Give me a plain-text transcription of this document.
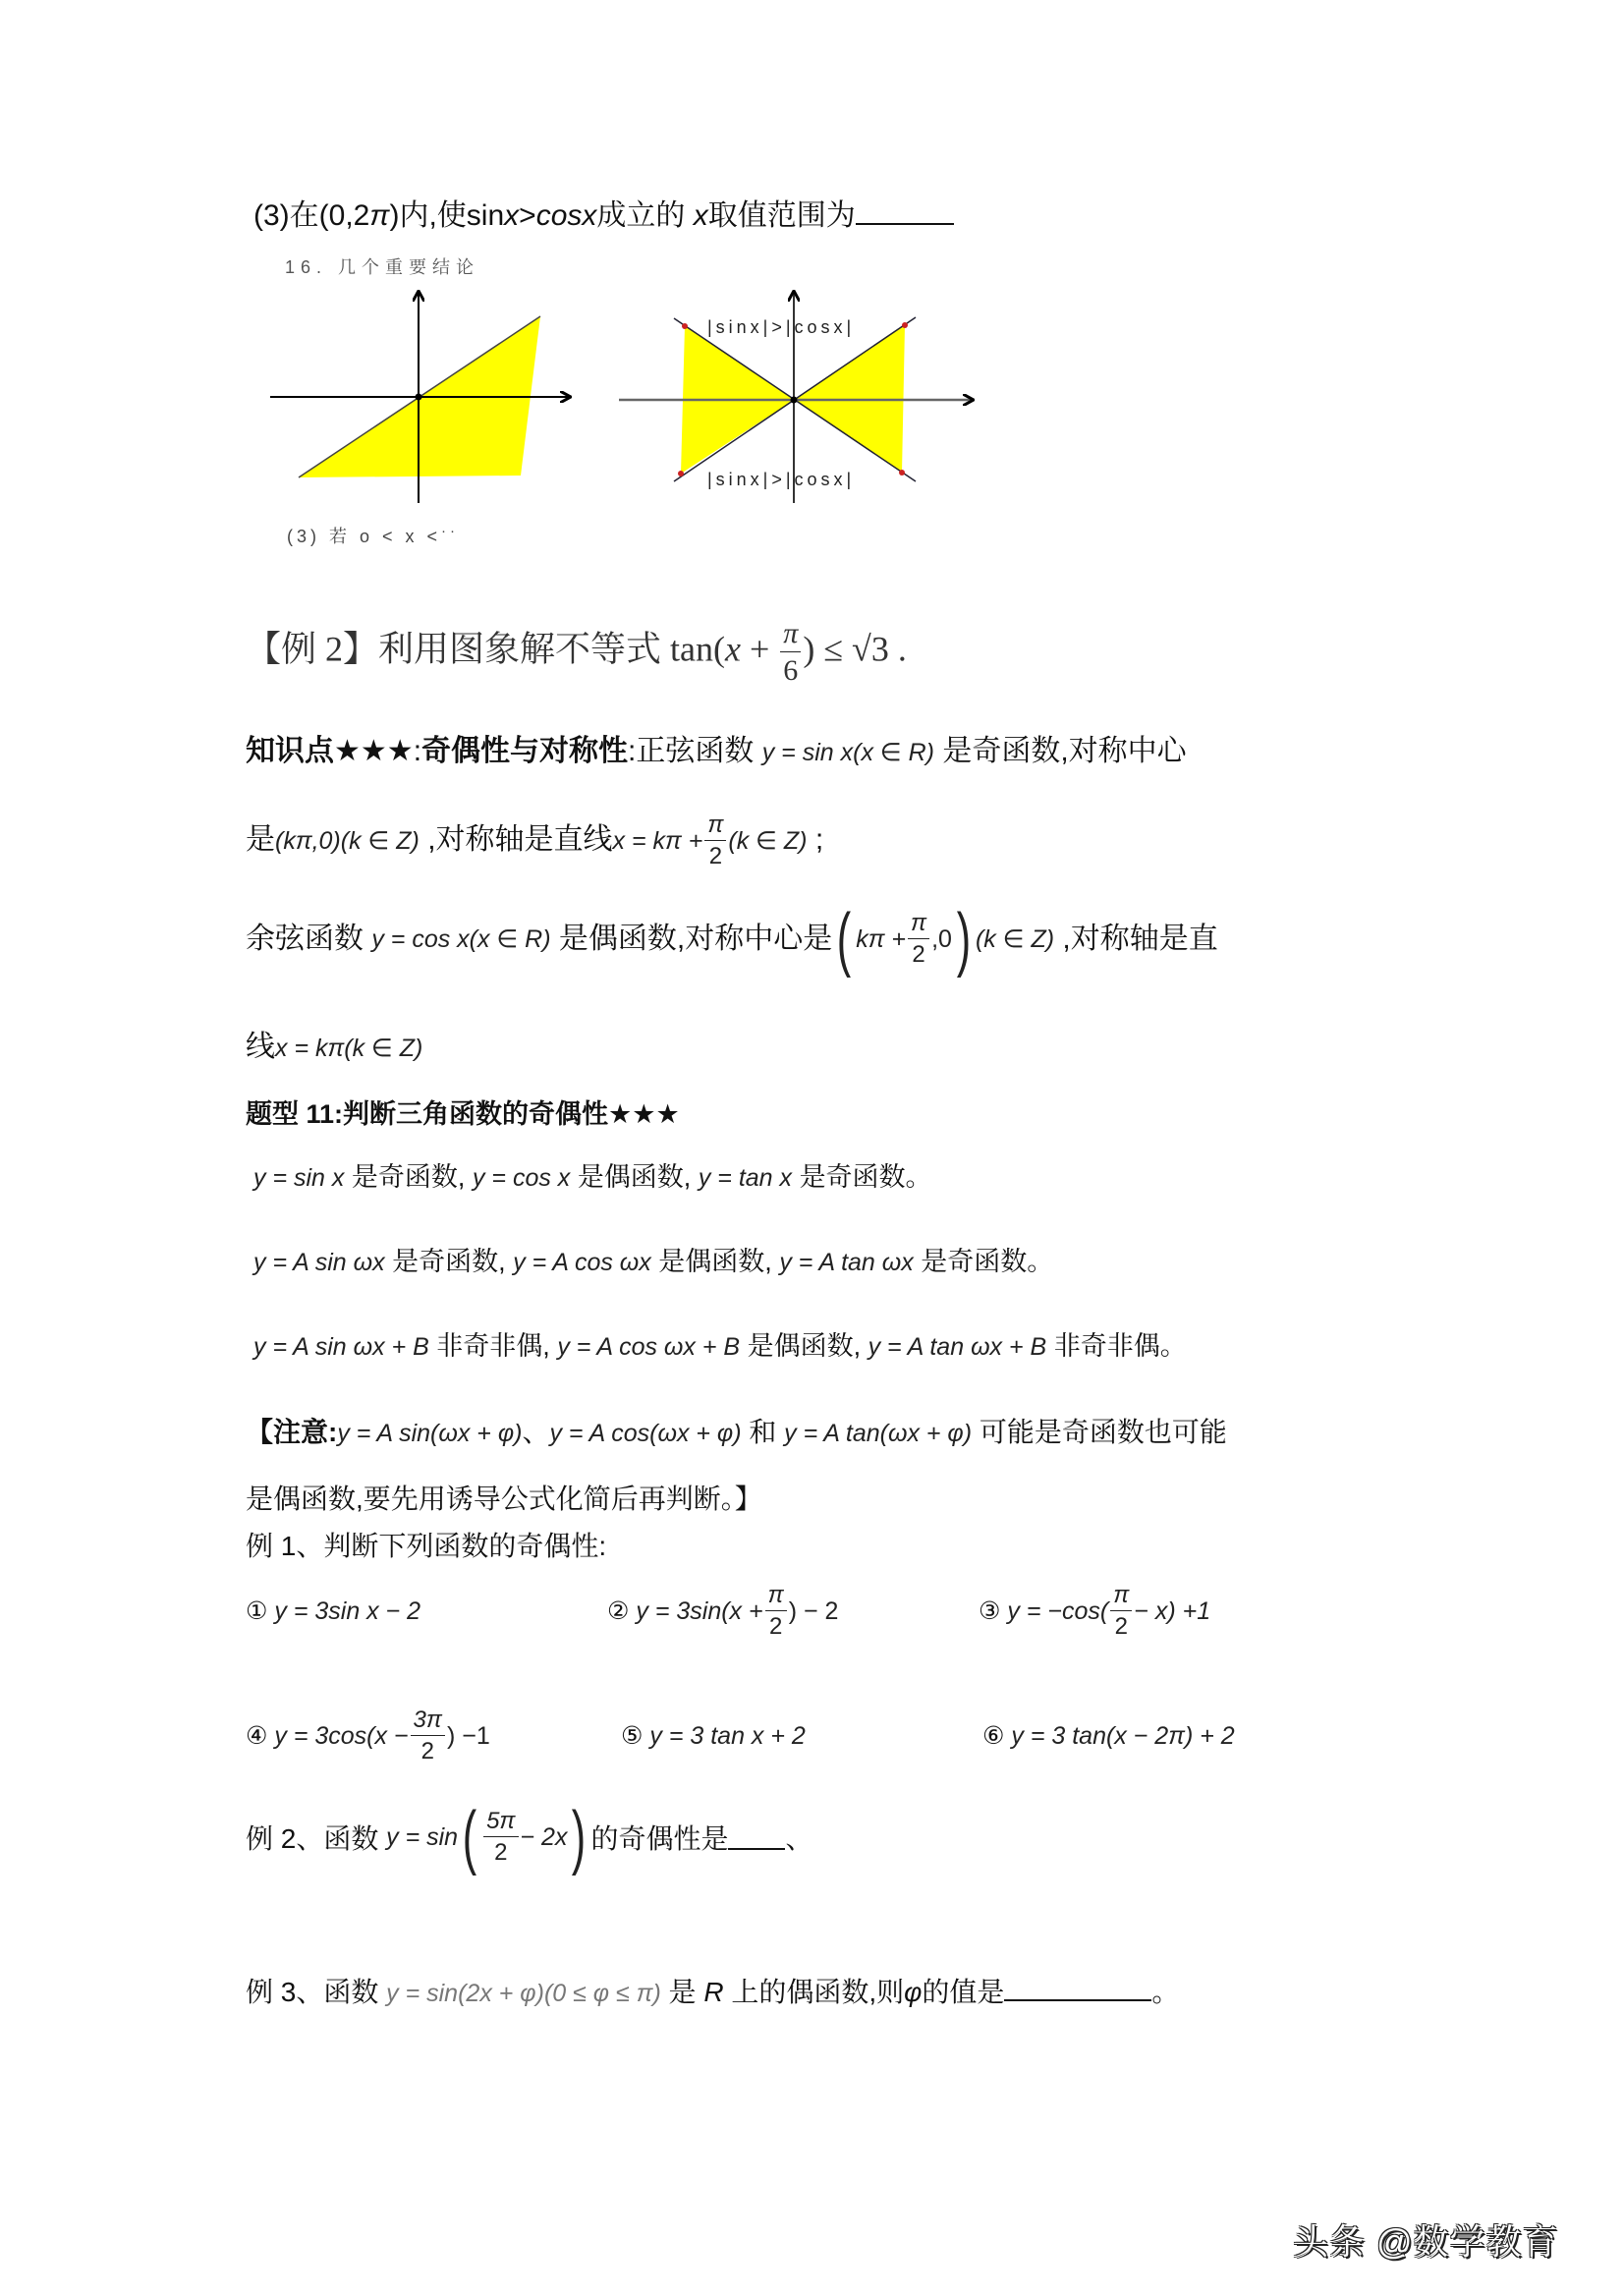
(3)在(0,2π)内,使sinx>cosx成立的 x取值范围为
16. 几个重要结论
|sinx|>|cosx|
|sinx|>|cosx|
(3) 若 o < x <··
【例 2】利用图象解不等式 $\tan(x + \frac{\pi}{6}$ ) ≤ √3 .
知识点★★★:奇偶性与对称性:正弦函数 y = sin x(x ∈ R) 是奇函数,对称中心
是(kπ,0)(k ∈ Z) ,对称轴是直线$x = k\pi + \frac{\pi}{2} (k$ ∈ Z) ;
余弦函数
y = cos x(x ∈ R)
是偶函数,对称中心是 ( $k\pi + \frac{\pi}{2} ,0$ ) (k ∈ Z)
,对称轴是直
线x = kπ(k ∈ Z)
题型 11:判断三角函数的奇偶性★★★
y = sin x 是奇函数, y = cos x 是偶函数, y = tan x 是奇函数。
y = A sin ωx 是奇函数, y = A cos ωx 是偶函数, y = A tan ωx 是奇函数。
y = A sin ωx + B 非奇非偶, y = A cos ωx + B 是偶函数, y = A tan ωx + B 非奇非偶。
【注意:y = A sin(ωx + φ)、y = A cos(ωx + φ) 和 y = A tan(ωx + φ) 可能是奇函数也可能
是偶函数,要先用诱导公式化简后再判断。】
例 1、判断下列函数的奇偶性:
①
y = 3sin x − 2	②
$y = 3\sin(x + \frac{\pi}{2}$ ) − 2	③
$y = -\cos( \frac{\pi}{2} - x) +1$
④
$y = 3\cos(x - \frac{3\pi}{2}$ ) −1	⑤
y = 3 tan x + 2	⑥
y = 3 tan(x − 2π) + 2
例 2、函数
y = sin ( $\frac{5\pi}{2} - 2x$ ) 的奇偶性是 、
例 3、函数 y = sin(2x + φ)(0 ≤ φ ≤ π) 是 R 上的偶函数,则φ的值是	。
头条 @数学教育
